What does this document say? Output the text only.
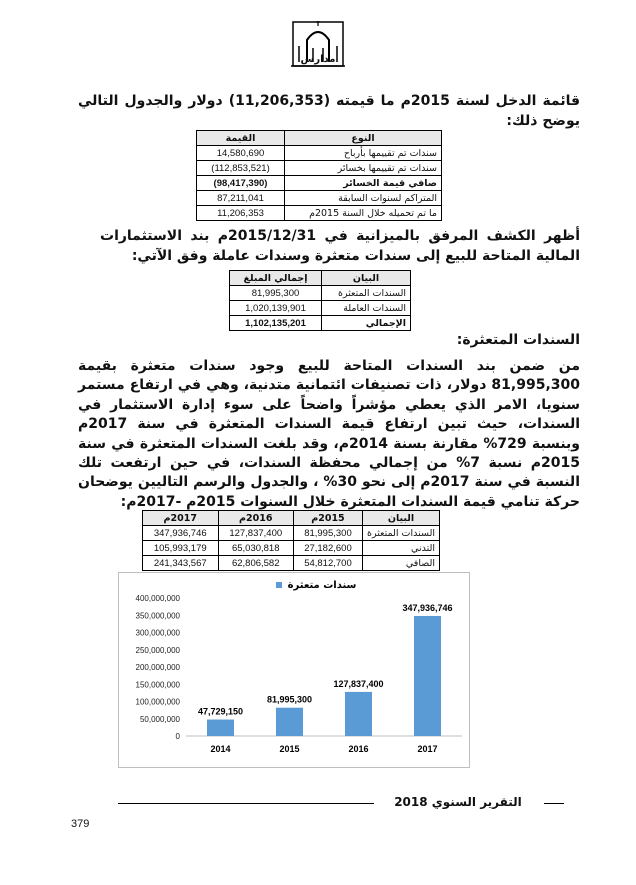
مدارس
قائمة الدخل لسنة 2015م ما قيمته (11,206,353) دولار والجدول التالي يوضح ذلك:
النوع	القيمة
سندات تم تقييمها بأرباح	14,580,690
سندات تم تقييمها بخسائر	(112,853,521)
صافي قيمة الخسائر	(98,417,390)
المتراكم لسنوات السابقة	87,211,041
ما تم تحميله خلال السنة 2015م	11,206,353
أظهر الكشف المرفق بالميزانية في 2015/12/31م بند الاستثمارات المالية المتاحة للبيع إلى سندات متعثرة وسندات عاملة وفق الآتي:
البيان	إجمالي المبلغ
السندات المتعثرة	81,995,300
السندات العاملة	1,020,139,901
الإجمالي	1,102,135,201
السندات المتعثرة:
من ضمن بند السندات المتاحة للبيع وجود سندات متعثرة بقيمة 81,995,300 دولار، ذات تصنيفات ائتمانية متدنية، وهي في ارتفاع مستمر سنويا، الامر الذي يعطي مؤشراً واضحاً على سوء إدارة الاستثمار في السندات، حيث تبين ارتفاع قيمة السندات المتعثرة في سنة 2017م وبنسبة 729% مقارنة بسنة 2014م، وقد بلغت السندات المتعثرة في سنة 2015م نسبة 7% من إجمالي محفظة السندات، في حين ارتفعت تلك النسبة في سنة 2017م إلى نحو 30% ، والجدول والرسم التاليين يوضحان حركة تنامي قيمة السندات المتعثرة خلال السنوات 2015م -2017م:
البيان	2015م	2016م	2017م
السندات المتعثرة	81,995,300	127,837,400	347,936,746
التدني	27,182,600	65,030,818	105,993,179
الصافي	54,812,700	62,806,582	241,343,567
سندات متعثرة
0
50,000,000
100,000,000
150,000,000
200,000,000
250,000,000
300,000,000
350,000,000
400,000,000
47,729,150
2014
81,995,300
2015
127,837,400
2016
347,936,746
2017
التقرير السنوي 2018
379
